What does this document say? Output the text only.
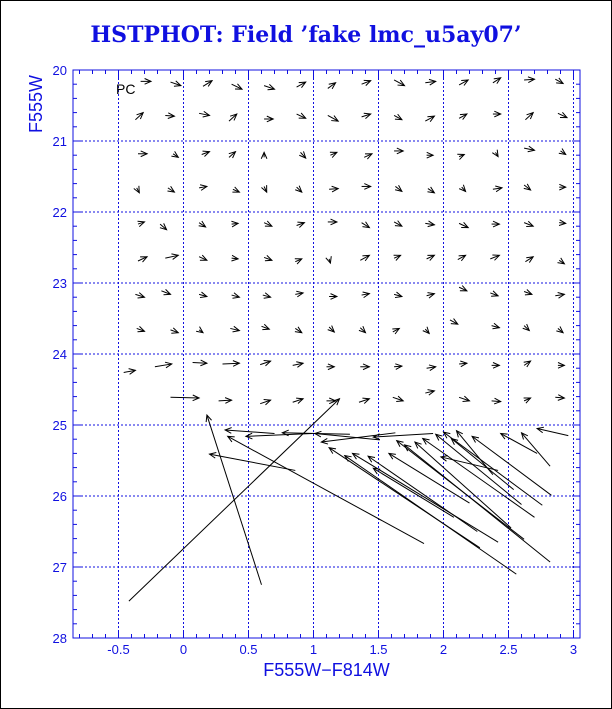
HSTPHOT: Field ’fake lmc_u5ay07’
-0.5	0	0.5	1	1.5	2	2.5	3
20
21
22
23
24
25
26
27
28
PC
F555W−F814W
F555W
